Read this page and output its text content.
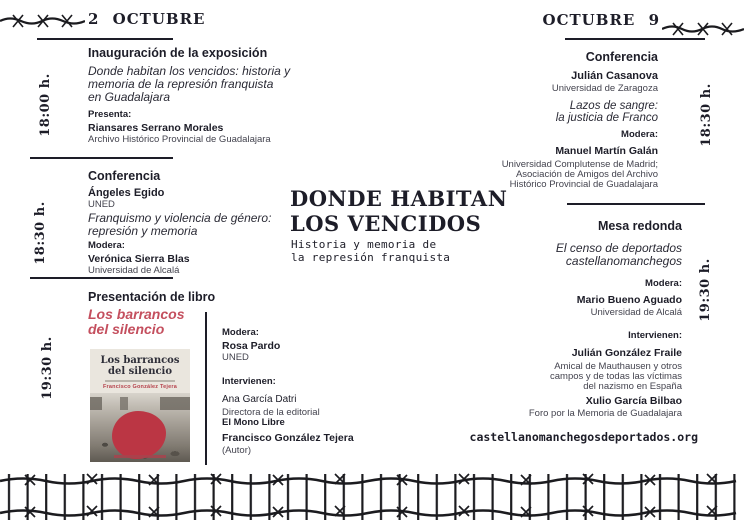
2 OCTUBRE	OCTUBRE 9
18:00 h.
18:30 h.
19:30 h.
18:30 h.
19:30 h.
Inauguración de la exposición
Donde habitan los vencidos: historia y
memoria de la represión franquista
en Guadalajara
Presenta:
Riansares Serrano Morales
Archivo Histórico Provincial de Guadalajara
Conferencia
Ángeles Egido
UNED
Franquismo y violencia de género:
represión y memoria
Modera:
Verónica Sierra Blas
Universidad de Alcalá
Presentación de libro
Los barrancos
del silencio
Los barrancos
del silencio
Francisco González Tejera
Modera:
Rosa Pardo
UNED
Intervienen:
Ana García Datri
Directora de la editorial
El Mono Libre
Francisco González Tejera
(Autor)
DONDE HABITAN
LOS VENCIDOS
Historia y memoria de
la represión franquista
Conferencia
Julián Casanova
Universidad de Zaragoza
Lazos de sangre:
la justicia de Franco
Modera:
Manuel Martín Galán
Universidad Complutense de Madrid;
Asociación de Amigos del Archivo
Histórico Provincial de Guadalajara
Mesa redonda
El censo de deportados
castellanomanchegos
Modera:
Mario Bueno Aguado
Universidad de Alcalá
Intervienen:
Julián González Fraile
Amical de Mauthausen y otros
campos y de todas las víctimas
del nazismo en España
Xulio García Bilbao
Foro por la Memoria de Guadalajara
castellanomanchegosdeportados.org
